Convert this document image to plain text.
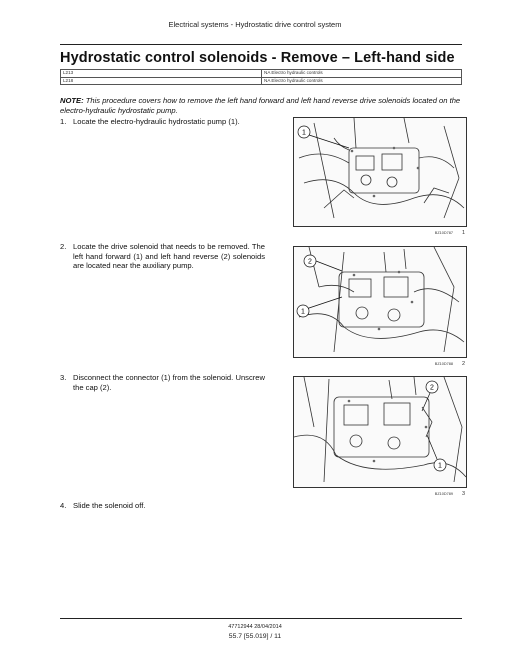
Electrical systems - Hydrostatic drive control system
Hydrostatic control solenoids - Remove – Left-hand side
L213	NA Electro hydraulic controls
L218	NA Electro hydraulic controls
NOTE: This procedure covers how to remove the left hand forward and left hand reverse drive solenoids located on the electro-hydraulic hydrostatic pump.
1. Locate the electro-hydraulic hydrostatic pump (1).
1
BZ10D787 1
2. Locate the drive solenoid that needs to be removed. The left hand forward (1) and left hand reverse (2) solenoids are located near the auxiliary pump.	2
1
BZ10D788 2
3. Disconnect the connector (1) from the solenoid. Unscrew the cap (2).	2
1
BZ10D789 3
4. Slide the solenoid off.
47712944 28/04/2014
55.7 [55.019] / 11
